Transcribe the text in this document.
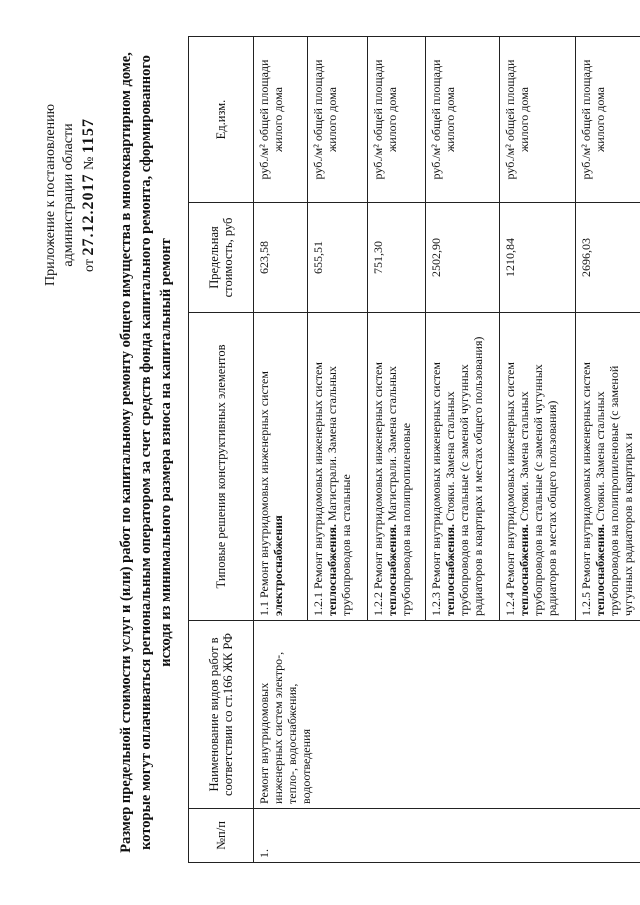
Приложение к постановлению администрации области от 27.12.2017 № 1157 Размер предельной стоимости услуг и (или) работ по капитальному ремонту общего имущества в многоквартирном доме, которые могут оплачиваться региональным оператором за счет средств фонда капитального ремонта, сформированного исходя из минимального размера взноса на капитальный ремонт
№п/п	Наименование видов работ в соответствии со ст.166 ЖК РФ	Типовые решения конструктивных элементов	Предельная стоимость, руб	Ед.изм.
1.	Ремонт внутридомовых инженерных систем электро-, тепло-, водоснабжения, водоотведения	1.1 Ремонт внутридомовых инженерных систем электроснабжения	623,58	руб./м² общей площади жилого дома
		1.2.1 Ремонт внутридомовых инженерных систем теплоснабжения. Магистрали. Замена стальных трубопроводов на стальные	655,51	руб./м² общей площади жилого дома
		1.2.2 Ремонт внутридомовых инженерных систем теплоснабжения. Магистрали. Замена стальных трубопроводов на полипропиленовые	751,30	руб./м² общей площади жилого дома
		1.2.3 Ремонт внутридомовых инженерных систем теплоснабжения. Стояки. Замена стальных трубопроводов на стальные (с заменой чугунных радиаторов в квартирах и местах общего пользования)	2502,90	руб./м² общей площади жилого дома
		1.2.4 Ремонт внутридомовых инженерных систем теплоснабжения. Стояки. Замена стальных трубопроводов на стальные (с заменой чугунных радиаторов в местах общего пользования)	1210,84	руб./м² общей площади жилого дома
		1.2.5 Ремонт внутридомовых инженерных систем теплоснабжения. Стояки. Замена стальных трубопроводов на полипропиленовые (с заменой чугунных радиаторов в квартирах и	2696,03	руб./м² общей площади жилого дома
